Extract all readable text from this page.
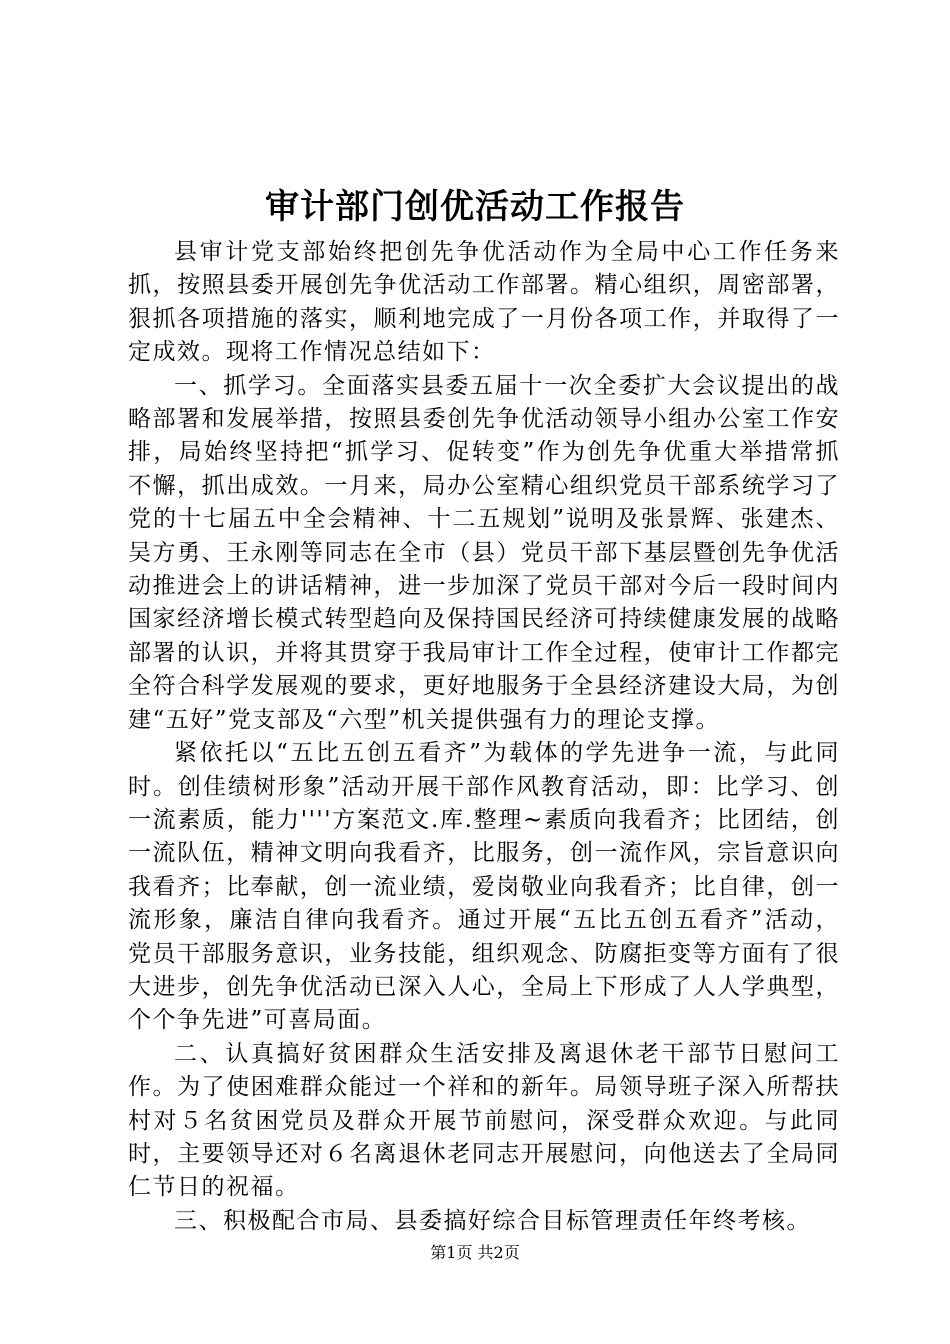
审计部门创优活动工作报告

县审计党支部始终把创先争优活动作为全局中心工作任务来抓，按照县委开展创先争优活动工作部署。精心组织，周密部署，狠抓各项措施的落实，顺利地完成了一月份各项工作，并取得了一定成效。现将工作情况总结如下：

一、抓学习。全面落实县委五届十一次全委扩大会议提出的战略部署和发展举措，按照县委创先争优活动领导小组办公室工作安排，局始终坚持把“抓学习、促转变”作为创先争优重大举措常抓不懈，抓出成效。一月来，局办公室精心组织党员干部系统学习了党的十七届五中全会精神、十二五规划”说明及张景辉、张建杰、吴方勇、王永刚等同志在全市（县）党员干部下基层暨创先争优活动推进会上的讲话精神，进一步加深了党员干部对今后一段时间内国家经济增长模式转型趋向及保持国民经济可持续健康发展的战略部署的认识，并将其贯穿于我局审计工作全过程，使审计工作都完全符合科学发展观的要求，更好地服务于全县经济建设大局，为创建“五好”党支部及“六型”机关提供强有力的理论支撑。

紧依托以“五比五创五看齐”为载体的学先进争一流，与此同时。创佳绩树形象”活动开展干部作风教育活动，即：比学习、创一流素质，能力''''方案范文.库.整理~素质向我看齐；比团结，创一流队伍，精神文明向我看齐，比服务，创一流作风，宗旨意识向我看齐；比奉献，创一流业绩，爱岗敬业向我看齐；比自律，创一流形象，廉洁自律向我看齐。通过开展“五比五创五看齐”活动，党员干部服务意识，业务技能，组织观念、防腐拒变等方面有了很大进步，创先争优活动已深入人心，全局上下形成了人人学典型，个个争先进”可喜局面。

二、认真搞好贫困群众生活安排及离退休老干部节日慰问工作。为了使困难群众能过一个祥和的新年。局领导班子深入所帮扶村对５名贫困党员及群众开展节前慰问，深受群众欢迎。与此同时，主要领导还对６名离退休老同志开展慰问，向他送去了全局同仁节日的祝福。

三、积极配合市局、县委搞好综合目标管理责任年终考核。

第1页 共2页
